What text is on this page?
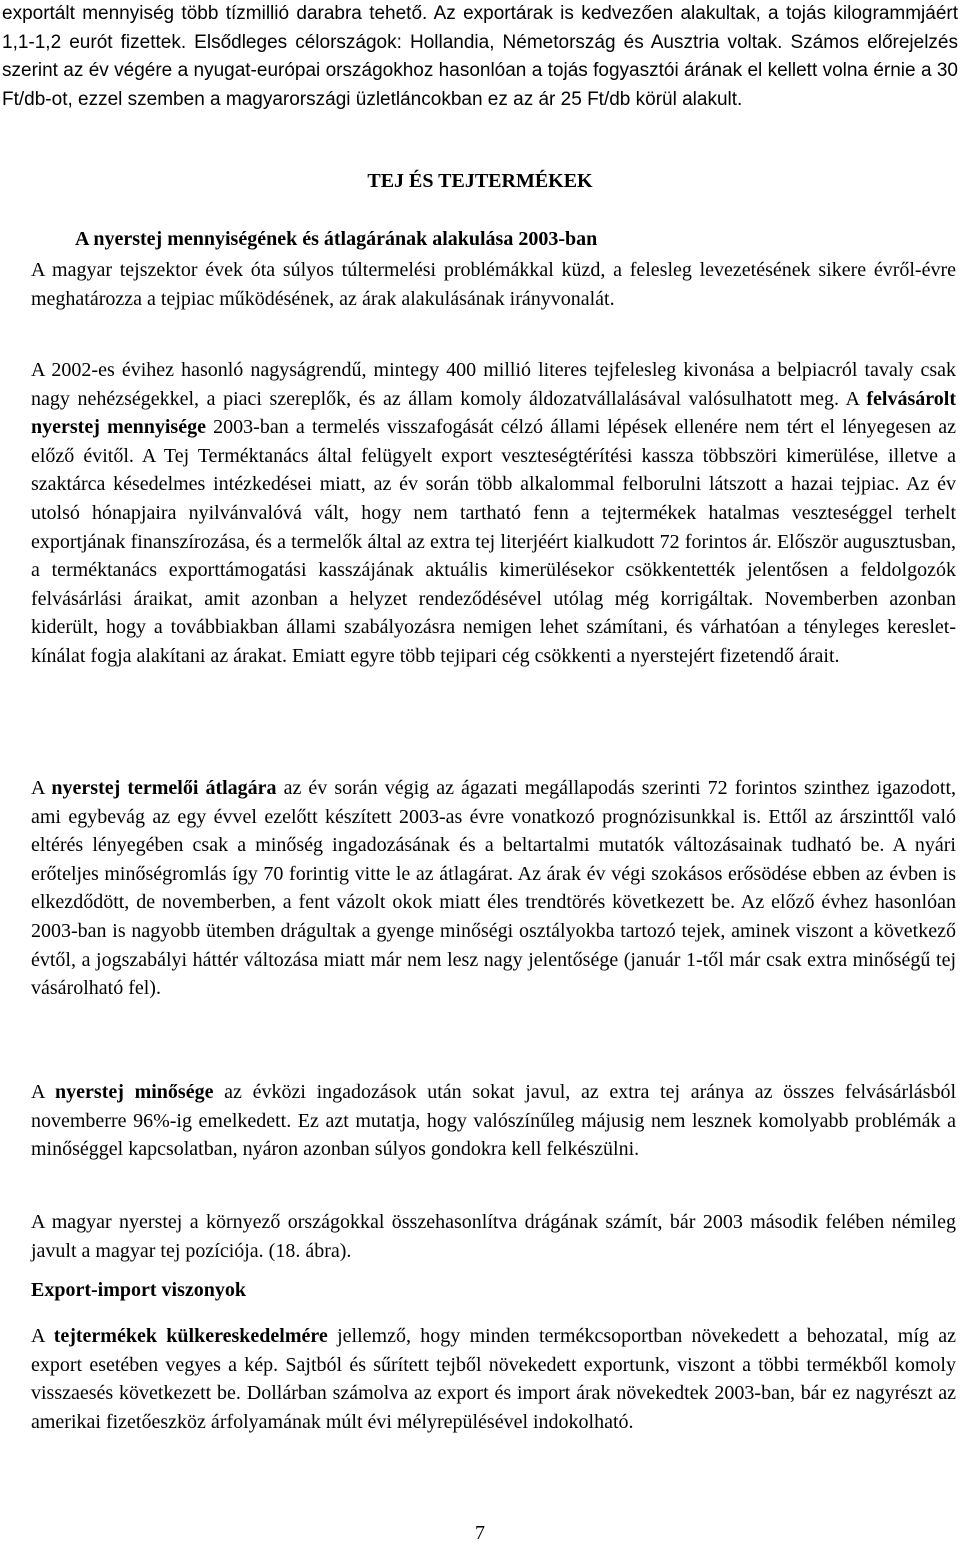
exportált mennyiség több tízmillió darabra tehető. Az exportárak is kedvezően alakultak, a tojás kilogrammjáért 1,1-1,2 eurót fizettek. Elsődleges célországok: Hollandia, Németország és Ausztria voltak. Számos előrejelzés szerint az év végére a nyugat-európai országokhoz hasonlóan a tojás fogyasztói árának el kellett volna érnie a 30 Ft/db-ot, ezzel szemben a magyarországi üzletláncokban ez az ár 25 Ft/db körül alakult.

TEJ ÉS TEJTERMÉKEK
A nyerstej mennyiségének és átlagárának alakulása 2003-ban

A magyar tejszektor évek óta súlyos túltermelési problémákkal küzd, a felesleg levezetésének sikere évről-évre meghatározza a tejpiac működésének, az árak alakulásának irányvonalát.

A 2002-es évihez hasonló nagyságrendű, mintegy 400 millió literes tejfelesleg kivonása a belpiacról tavaly csak nagy nehézségekkel, a piaci szereplők, és az állam komoly áldozatvállalásával valósulhatott meg. A felvásárolt nyerstej mennyisége 2003-ban a termelés visszafogását célzó állami lépések ellenére nem tért el lényegesen az előző évitől. A Tej Terméktanács által felügyelt export veszteségtérítési kassza többszöri kimerülése, illetve a szaktárca késedelmes intézkedései miatt, az év során több alkalommal felborulni látszott a hazai tejpiac. Az év utolsó hónapjaira nyilvánvalóvá vált, hogy nem tartható fenn a tejtermékek hatalmas veszteséggel terhelt exportjának finanszírozása, és a termelők által az extra tej literjéért kialkudott 72 forintos ár. Először augusztusban, a terméktanács exporttámogatási kasszájának aktuális kimerülésekor csökkentették jelentősen a feldolgozók felvásárlási áraikat, amit azonban a helyzet rendeződésével utólag még korrigáltak. Novemberben azonban kiderült, hogy a továbbiakban állami szabályozásra nemigen lehet számítani, és várhatóan a tényleges kereslet-kínálat fogja alakítani az árakat. Emiatt egyre több tejipari cég csökkenti a nyerstejért fizetendő árait.

A nyerstej termelői átlagára az év során végig az ágazati megállapodás szerinti 72 forintos szinthez igazodott, ami egybevág az egy évvel ezelőtt készített 2003-as évre vonatkozó prognózisunkkal is. Ettől az árszinttől való eltérés lényegében csak a minőség ingadozásának és a beltartalmi mutatók változásainak tudható be. A nyári erőteljes minőségromlás így 70 forintig vitte le az átlagárat. Az árak év végi szokásos erősödése ebben az évben is elkezdődött, de novemberben, a fent vázolt okok miatt éles trendtörés következett be. Az előző évhez hasonlóan 2003-ban is nagyobb ütemben drágultak a gyenge minőségi osztályokba tartozó tejek, aminek viszont a következő évtől, a jogszabályi háttér változása miatt már nem lesz nagy jelentősége (január 1-től már csak extra minőségű tej vásárolható fel).

A nyerstej minősége az évközi ingadozások után sokat javul, az extra tej aránya az összes felvásárlásból novemberre 96%-ig emelkedett. Ez azt mutatja, hogy valószínűleg májusig nem lesznek komolyabb problémák a minőséggel kapcsolatban, nyáron azonban súlyos gondokra kell felkészülni.

A magyar nyerstej a környező országokkal összehasonlítva drágának számít, bár 2003 második felében némileg javult a magyar tej pozíciója. (18. ábra).

Export-import viszonyok

A tejtermékek külkereskedelmére jellemző, hogy minden termékcsoportban növekedett a behozatal, míg az export esetében vegyes a kép. Sajtból és sűrített tejből növekedett exportunk, viszont a többi termékből komoly visszaesés következett be. Dollárban számolva az export és import árak növekedtek 2003-ban, bár ez nagyrészt az amerikai fizetőeszköz árfolyamának múlt évi mélyrepülésével indokolható.

7
